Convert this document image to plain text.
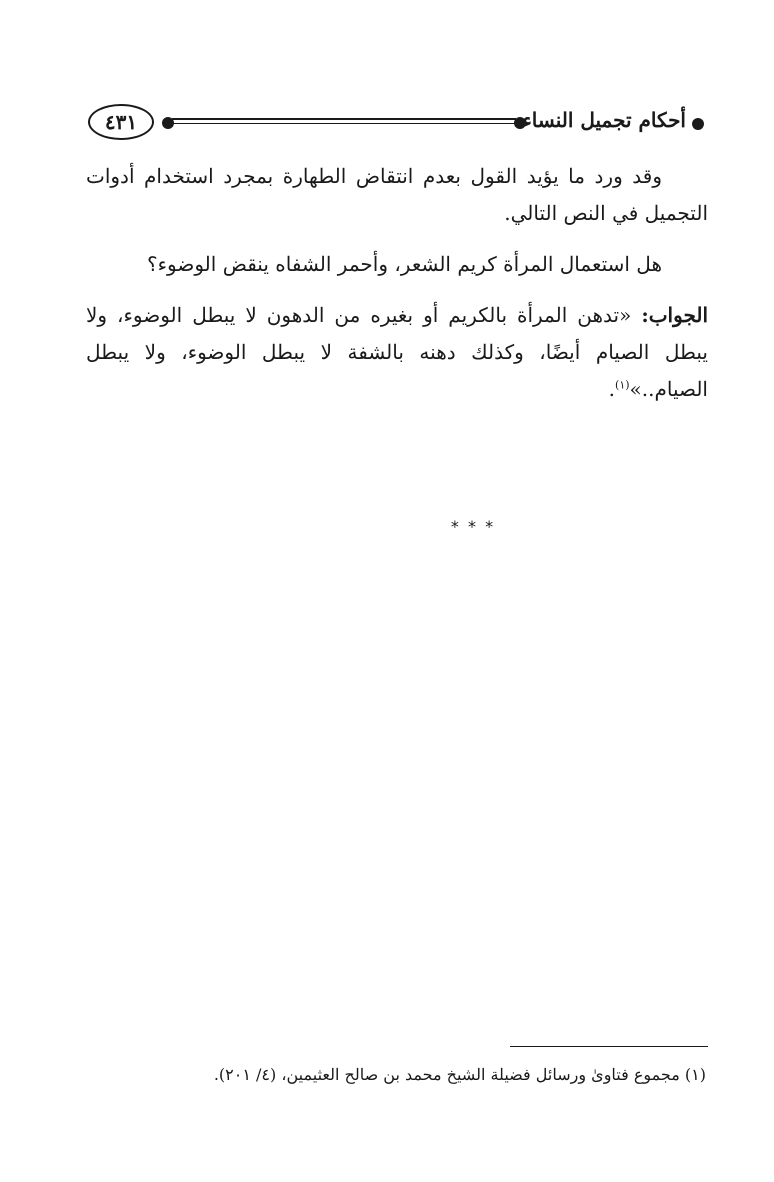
٤٣١	أحكام تجميل النساء

وقد ورد ما يؤيد القول بعدم انتقاض الطهارة بمجرد استخدام أدوات التجميل في النص التالي.

هل استعمال المرأة كريم الشعر، وأحمر الشفاه ينقض الوضوء؟

الجواب: «تدهن المرأة بالكريم أو بغيره من الدهون لا يبطل الوضوء، ولا يبطل الصيام أيضًا، وكذلك دهنه بالشفة لا يبطل الوضوء، ولا يبطل الصيام..»$^{(١)}$.

* * *
(١) مجموع فتاوىٰ ورسائل فضيلة الشيخ محمد بن صالح العثيمين، (٤/ ٢٠١).
